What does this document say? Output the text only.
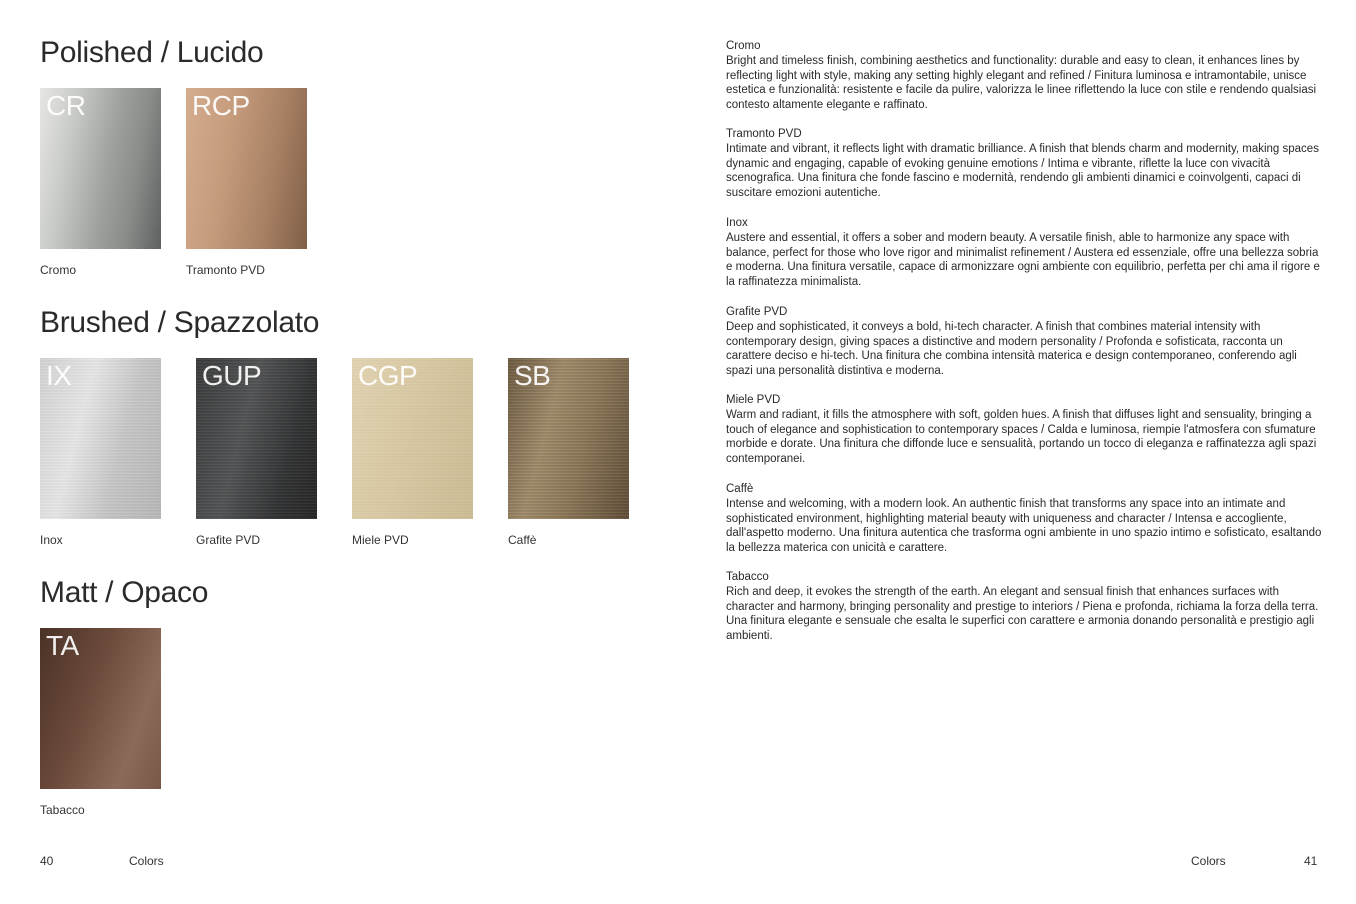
Polished / Lucido
CR
Cromo
RCP
Tramonto PVD
Brushed / Spazzolato
IX
Inox
GUP
Grafite PVD
CGP
Miele PVD
SB
Caffè
Matt / Opaco
TA
Tabacco
40	Colors

Cromo

Bright and timeless finish, combining aesthetics and functionality: durable and easy to clean, it enhances lines by reflecting light with style, making any setting highly elegant and refined / Finitura luminosa e intramontabile, unisce estetica e funzionalità: resistente e facile da pulire, valorizza le linee riflettendo la luce con stile e rendendo qualsiasi contesto altamente elegante e raffinato.

Tramonto PVD

Intimate and vibrant, it reflects light with dramatic brilliance. A finish that blends charm and modernity, making spaces dynamic and engaging, capable of evoking genuine emotions / Intima e vibrante, riflette la luce con vivacità scenografica. Una finitura che fonde fascino e modernità, rendendo gli ambienti dinamici e coinvolgenti, capaci di suscitare emozioni autentiche.

Inox

Austere and essential, it offers a sober and modern beauty. A versatile finish, able to harmonize any space with balance, perfect for those who love rigor and minimalist refinement / Austera ed essenziale, offre una bellezza sobria e moderna. Una finitura versatile, capace di armonizzare ogni ambiente con equilibrio, perfetta per chi ama il rigore e la raffinatezza minimalista.

Grafite PVD

Deep and sophisticated, it conveys a bold, hi-tech character. A finish that combines material intensity with contemporary design, giving spaces a distinctive and modern personality / Profonda e sofisticata, racconta un carattere deciso e hi-tech. Una finitura che combina intensità materica e design contemporaneo, conferendo agli spazi una personalità distintiva e moderna.

Miele PVD

Warm and radiant, it fills the atmosphere with soft, golden hues. A finish that diffuses light and sensuality, bringing a touch of elegance and sophistication to contemporary spaces / Calda e luminosa, riempie l'atmosfera con sfumature morbide e dorate. Una finitura che diffonde luce e sensualità, portando un tocco di eleganza e raffinatezza agli spazi contemporanei.

Caffè

Intense and welcoming, with a modern look. An authentic finish that transforms any space into an intimate and sophisticated environment, highlighting material beauty with uniqueness and character / Intensa e accogliente, dall'aspetto moderno. Una finitura autentica che trasforma ogni ambiente in uno spazio intimo e sofisticato, esaltando la bellezza materica con unicità e carattere.

Tabacco

Rich and deep, it evokes the strength of the earth. An elegant and sensual finish that enhances surfaces with character and harmony, bringing personality and prestige to interiors / Piena e profonda, richiama la forza della terra. Una finitura elegante e sensuale che esalta le superfici con carattere e armonia donando personalità e prestigio agli ambienti.

Colors	41
